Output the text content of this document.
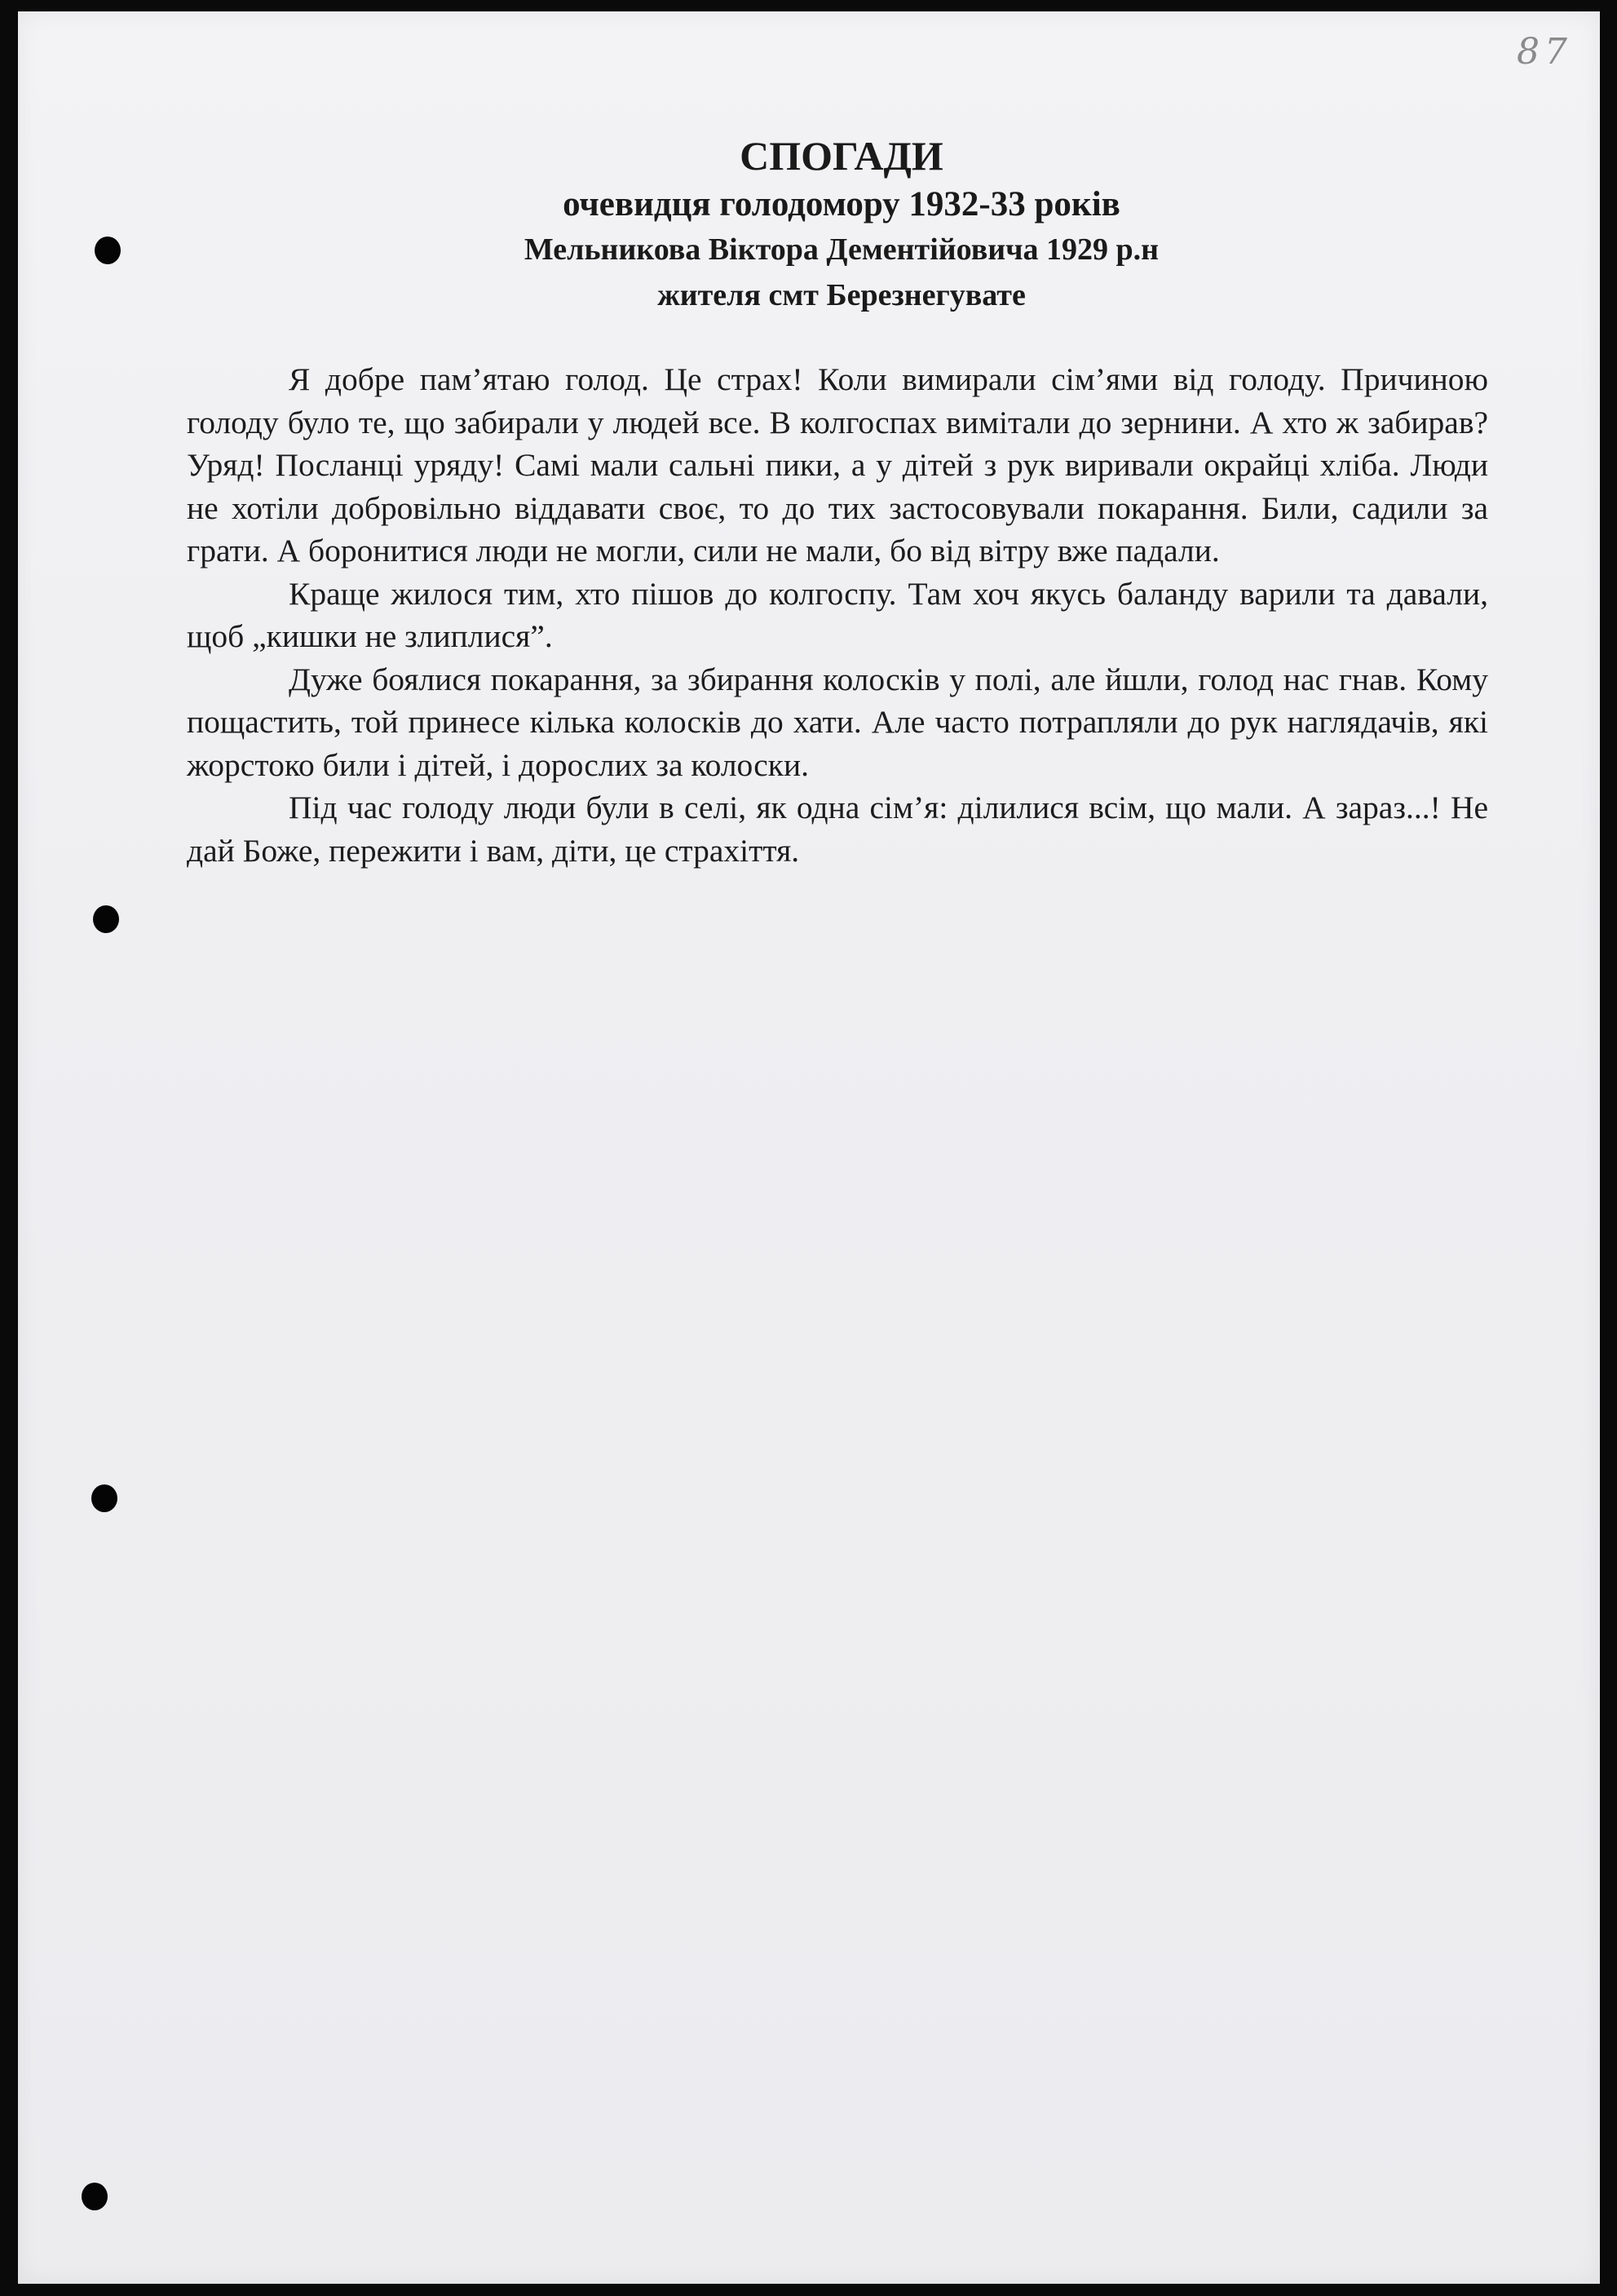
87
СПОГАДИ
очевидця голодомору 1932-33 років
Мельникова Віктора Дементійовича 1929 р.н
жителя смт Березнегувате

Я добре пам’ятаю голод. Це страх! Коли вимирали сім’ями від голоду. Причиною голоду було те, що забирали у людей все. В колгоспах вимітали до зернини. А хто ж забирав? Уряд! Посланці уряду! Самі мали сальні пики, а у дітей з рук виривали окрайці хліба. Люди не хотіли добровільно віддавати своє, то до тих застосовували покарання. Били, садили за грати. А боронитися люди не могли, сили не мали, бо від вітру вже падали.

Краще жилося тим, хто пішов до колгоспу. Там хоч якусь баланду варили та давали, щоб „кишки не злиплися”.

Дуже боялися покарання, за збирання колосків у полі, але йшли, голод нас гнав. Кому пощастить, той принесе кілька колосків до хати. Але часто потрапляли до рук наглядачів, які жорстоко били і дітей, і дорослих за колоски.

Під час голоду люди були в селі, як одна сім’я: ділилися всім, що мали. А зараз...! Не дай Боже, пережити і вам, діти, це страхіття.
